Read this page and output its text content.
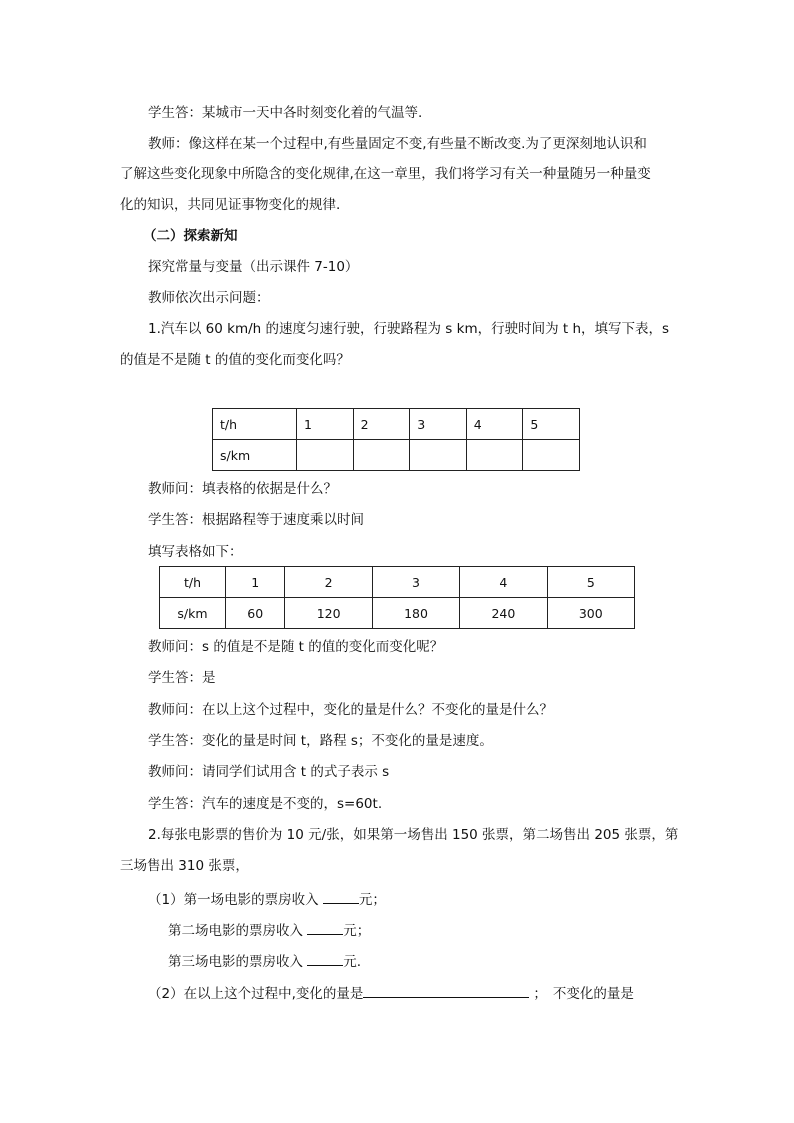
学生答：某城市一天中各时刻变化着的气温等.
教师：像这样在某一个过程中,有些量固定不变,有些量不断改变.为了更深刻地认识和
了解这些变化现象中所隐含的变化规律,在这一章里，我们将学习有关一种量随另一种量变
化的知识，共同见证事物变化的规律.
（二）探索新知
探究常量与变量（出示课件 7-10）
教师依次出示问题：
1.汽车以 60 km/h 的速度匀速行驶，行驶路程为 s km，行驶时间为 t h，填写下表，s
的值是不是随 t 的值的变化而变化吗？
t/h	1	2	3	4	5
s/km					
教师问：填表格的依据是什么？
学生答：根据路程等于速度乘以时间
填写表格如下：
t/h	1	2	3	4	5
s/km	60	120	180	240	300
教师问：s 的值是不是随 t 的值的变化而变化呢？
学生答：是
教师问：在以上这个过程中，变化的量是什么？不变化的量是什么？
学生答：变化的量是时间 t，路程 s；不变化的量是速度。
教师问：请同学们试用含 t 的式子表示 s
学生答：汽车的速度是不变的，s=60t.
2.每张电影票的售价为 10 元/张，如果第一场售出 150 张票，第二场售出 205 张票，第
三场售出 310 张票，
（1）第一场电影的票房收入	元；
第二场电影的票房收入	元；
第三场电影的票房收入	元.
（2）在以上这个过程中,变化的量是	； 不变化的量是
